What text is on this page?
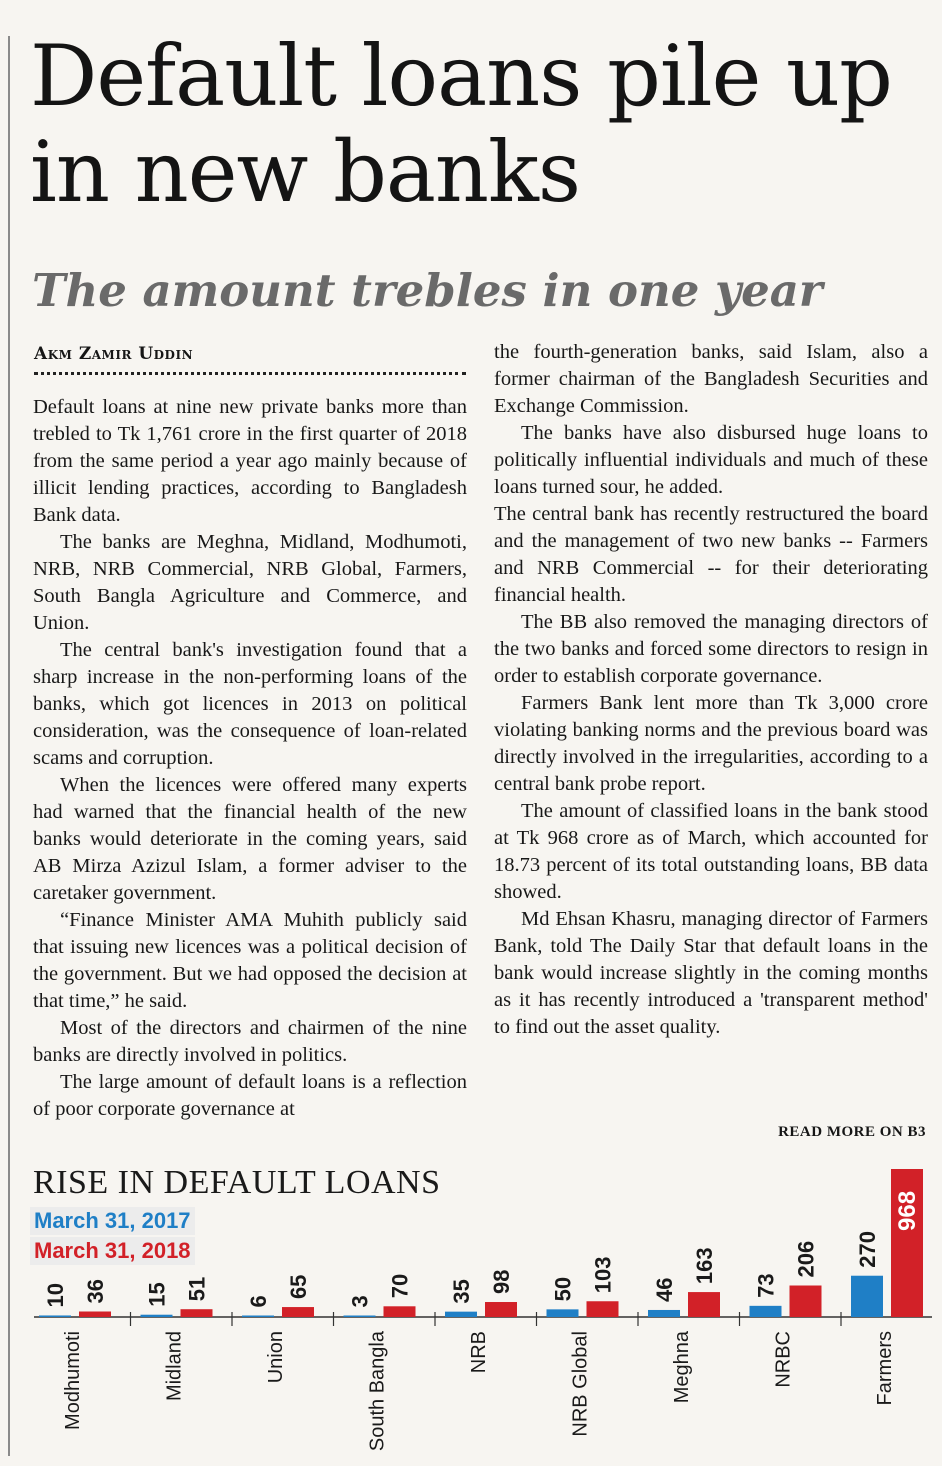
Default loans pile up in new banks
The amount trebles in one year
Akm Zamir Uddin

Default loans at nine new private banks more than trebled to Tk 1,761 crore in the first quarter of 2018 from the same period a year ago mainly because of illicit lending practices, according to Bangladesh Bank data.

The banks are Meghna, Midland, Modhumoti, NRB, NRB Commercial, NRB Global, Farmers, South Bangla Agriculture and Commerce, and Union.

The central bank's investigation found that a sharp increase in the non-performing loans of the banks, which got licences in 2013 on political consideration, was the consequence of loan-related scams and corruption.

When the licences were offered many experts had warned that the financial health of the new banks would deteriorate in the coming years, said AB Mirza Azizul Islam, a former adviser to the caretaker government.

“Finance Minister AMA Muhith publicly said that issuing new licences was a political decision of the government. But we had opposed the decision at that time,” he said.

Most of the directors and chairmen of the nine banks are directly involved in politics.

The large amount of default loans is a reflection of poor corporate governance at

the fourth-generation banks, said Islam, also a former chairman of the Bangladesh Securities and Exchange Commission.

The banks have also disbursed huge loans to politically influential individuals and much of these loans turned sour, he added.

The central bank has recently restructured the board and the management of two new banks -- Farmers and NRB Commercial -- for their deteriorating financial health.

The BB also removed the managing directors of the two banks and forced some directors to resign in order to establish corporate governance.

Farmers Bank lent more than Tk 3,000 crore violating banking norms and the previous board was directly involved in the irregularities, according to a central bank probe report.

The amount of classified loans in the bank stood at Tk 968 crore as of March, which accounted for 18.73 percent of its total outstanding loans, BB data showed.

Md Ehsan Khasru, managing director of Farmers Bank, told The Daily Star that default loans in the bank would increase slightly in the coming months as it has recently introduced a 'transparent method' to find out the asset quality.

READ MORE ON B3
RISE IN DEFAULT LOANS
March 31, 2017
March 31, 2018
10 36
Modhumoti
15 51
Midland
6
65
Union
3
70
South Bangla
35 98
NRB
50 103
NRB Global
46
163
Meghna
73
206
NRBC
270
968
Farmers
